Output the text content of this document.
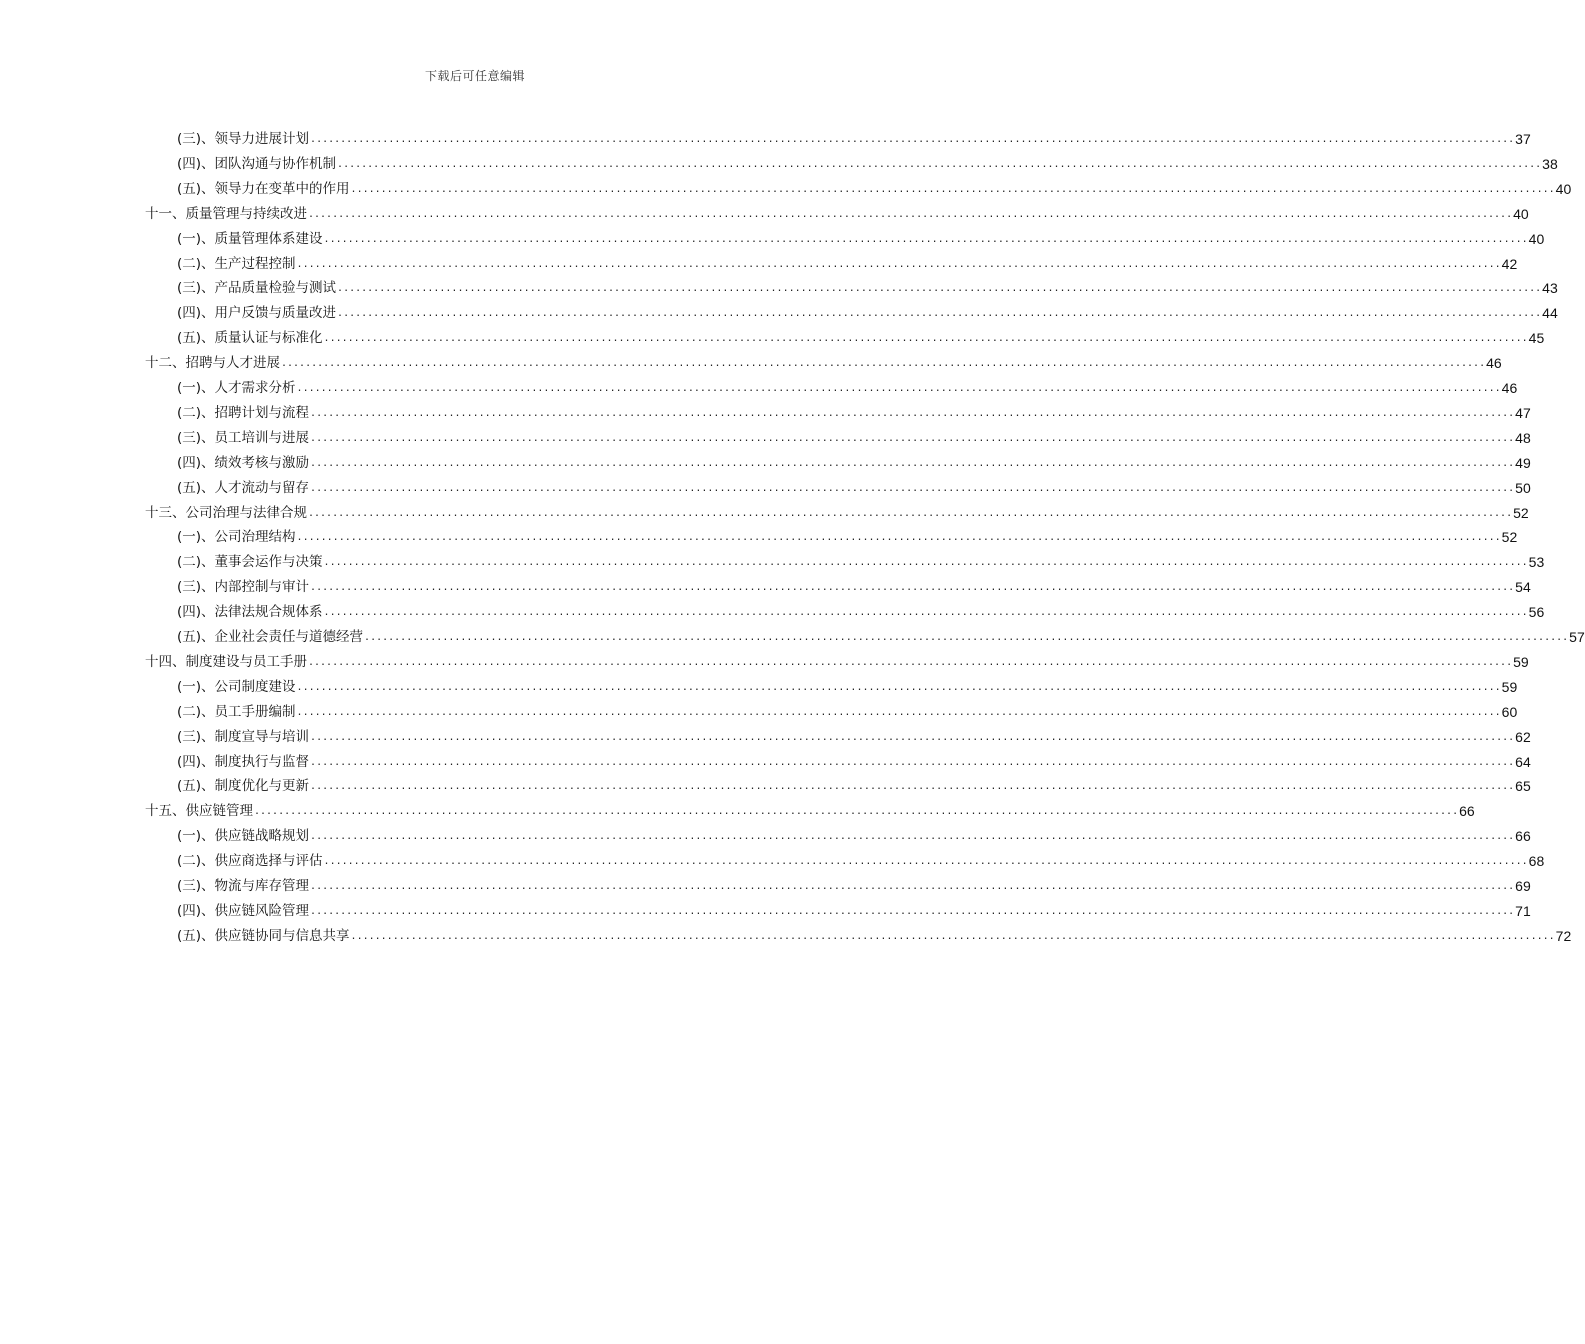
下载后可任意编辑
(三)、领导力进展计划 ........................................................................................................................................................................................................ 37
(四)、团队沟通与协作机制 ........................................................................................................................................................................................................ 38
(五)、领导力在变革中的作用 ........................................................................................................................................................................................................ 40
十一、质量管理与持续改进 ........................................................................................................................................................................................................ 40
(一)、质量管理体系建设 ........................................................................................................................................................................................................ 40
(二)、生产过程控制 ........................................................................................................................................................................................................ 42
(三)、产品质量检验与测试 ........................................................................................................................................................................................................ 43
(四)、用户反馈与质量改进 ........................................................................................................................................................................................................ 44
(五)、质量认证与标准化 ........................................................................................................................................................................................................ 45
十二、招聘与人才进展 ........................................................................................................................................................................................................ 46
(一)、人才需求分析 ........................................................................................................................................................................................................ 46
(二)、招聘计划与流程 ........................................................................................................................................................................................................ 47
(三)、员工培训与进展 ........................................................................................................................................................................................................ 48
(四)、绩效考核与激励 ........................................................................................................................................................................................................ 49
(五)、人才流动与留存 ........................................................................................................................................................................................................ 50
十三、公司治理与法律合规 ........................................................................................................................................................................................................ 52
(一)、公司治理结构 ........................................................................................................................................................................................................ 52
(二)、董事会运作与决策 ........................................................................................................................................................................................................ 53
(三)、内部控制与审计 ........................................................................................................................................................................................................ 54
(四)、法律法规合规体系 ........................................................................................................................................................................................................ 56
(五)、企业社会责任与道德经营 ........................................................................................................................................................................................................ 57
十四、制度建设与员工手册 ........................................................................................................................................................................................................ 59
(一)、公司制度建设 ........................................................................................................................................................................................................ 59
(二)、员工手册编制 ........................................................................................................................................................................................................ 60
(三)、制度宣导与培训 ........................................................................................................................................................................................................ 62
(四)、制度执行与监督 ........................................................................................................................................................................................................ 64
(五)、制度优化与更新 ........................................................................................................................................................................................................ 65
十五、供应链管理 ........................................................................................................................................................................................................ 66
(一)、供应链战略规划 ........................................................................................................................................................................................................ 66
(二)、供应商选择与评估 ........................................................................................................................................................................................................ 68
(三)、物流与库存管理 ........................................................................................................................................................................................................ 69
(四)、供应链风险管理 ........................................................................................................................................................................................................ 71
(五)、供应链协同与信息共享 ........................................................................................................................................................................................................ 72
